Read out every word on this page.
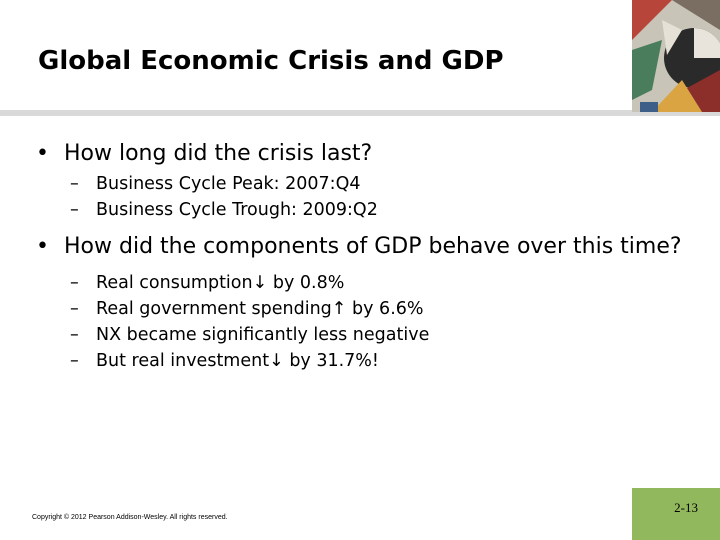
Global Economic Crisis and GDP
• How long did the crisis last?
– Business Cycle Peak: 2007:Q4
– Business Cycle Trough: 2009:Q2
• How did the components of GDP behave over this time?
– Real consumption↓ by 0.8%
– Real government spending↑ by 6.6%
– NX became significantly less negative
– But real investment↓ by 31.7%!
Copyright © 2012 Pearson Addison-Wesley. All rights reserved.
2-13
